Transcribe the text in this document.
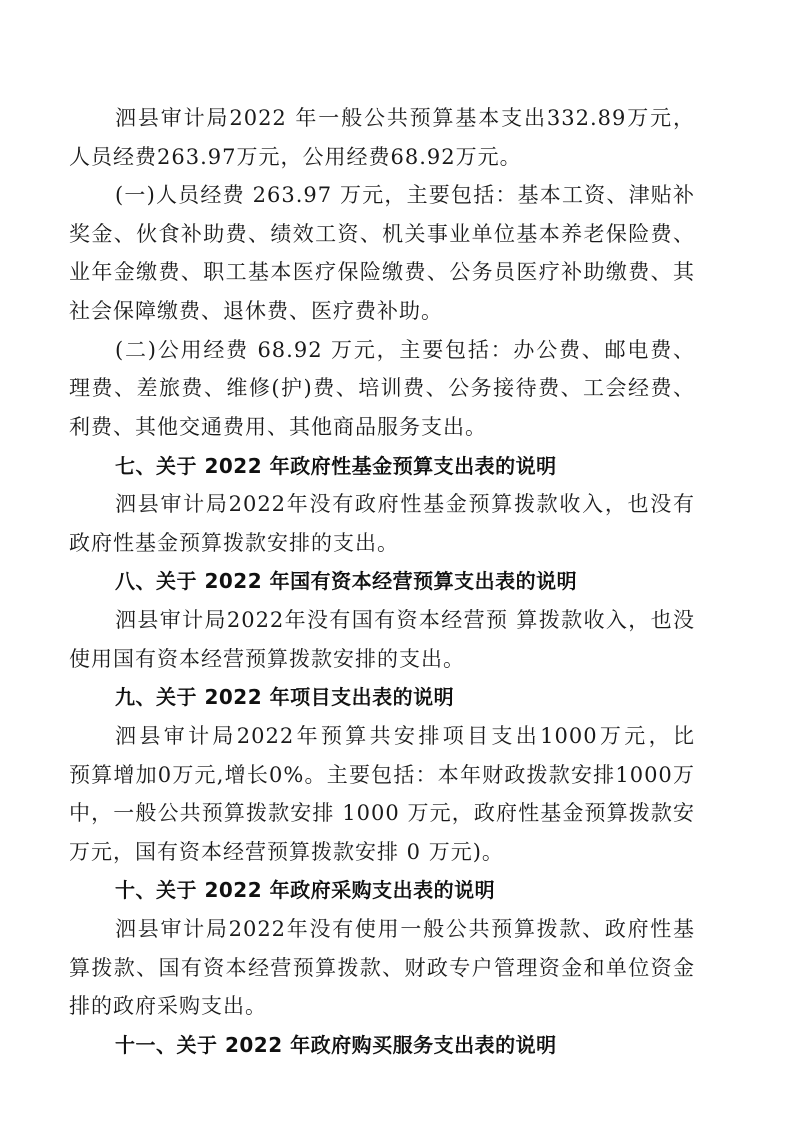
泗县审计局2022 年一般公共预算基本支出332.89万元，
人员经费263.97万元，公用经费68.92万元。
(一)人员经费 263.97 万元，主要包括：基本工资、津贴补
奖金、伙食补助费、绩效工资、机关事业单位基本养老保险费、
业年金缴费、职工基本医疗保险缴费、公务员医疗补助缴费、其
社会保障缴费、退休费、医疗费补助。
(二)公用经费 68.92 万元，主要包括：办公费、邮电费、
理费、差旅费、维修(护)费、培训费、公务接待费、工会经费、
利费、其他交通费用、其他商品服务支出。
七、关于 2022 年政府性基金预算支出表的说明
泗县审计局2022年没有政府性基金预算拨款收入，也没有
政府性基金预算拨款安排的支出。
八、关于 2022 年国有资本经营预算支出表的说明
泗县审计局2022年没有国有资本经营预 算拨款收入，也没
使用国有资本经营预算拨款安排的支出。
九、关于 2022 年项目支出表的说明
泗县审计局2022年预算共安排项目支出1000万元，比
预算增加0万元,增长0%。主要包括：本年财政拨款安排1000万
中，一般公共预算拨款安排 1000 万元，政府性基金预算拨款安
万元，国有资本经营预算拨款安排 0 万元)。
十、关于 2022 年政府采购支出表的说明
泗县审计局2022年没有使用一般公共预算拨款、政府性基
算拨款、国有资本经营预算拨款、财政专户管理资金和单位资金
排的政府采购支出。
十一、关于 2022 年政府购买服务支出表的说明
